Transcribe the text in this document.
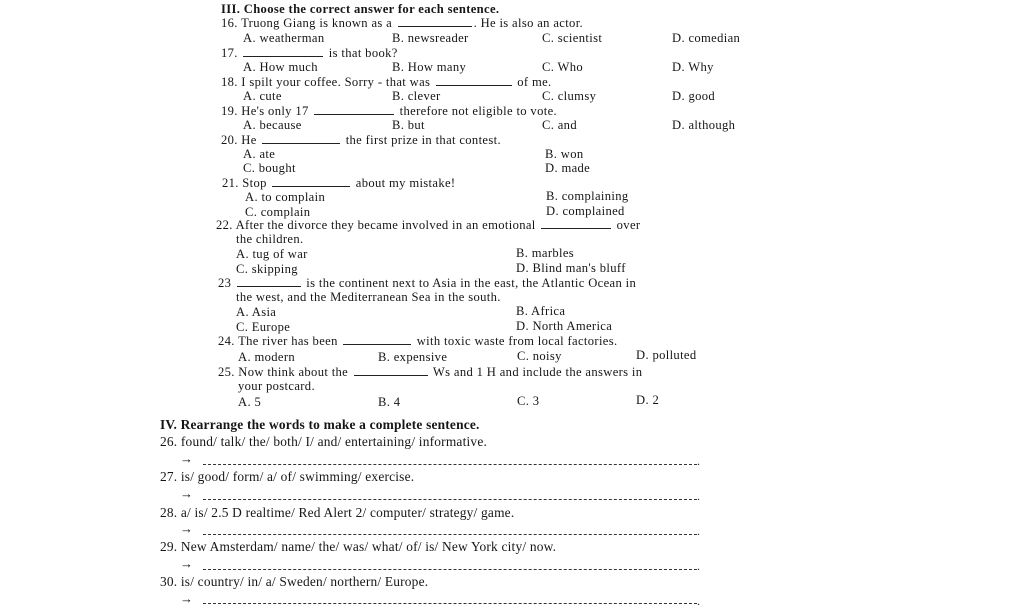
III. Choose the correct answer for each sentence.
16. Truong Giang is known as a	. He is also an actor.
A. weatherman	B. newsreader	C. scientist	D. comedian
17.	is that book?
A. How much	B. How many	C. Who	D. Why
18. I spilt your coffee. Sorry - that was	of me.
A. cute	B. clever	C. clumsy	D. good
19. He's only 17	therefore not eligible to vote.
A. because	B. but	C. and	D. although
20. He	the first prize in that contest.
A. ate	B. won
C. bought	D. made
21. Stop	about my mistake!
A. to complain	B. complaining
C. complain	D. complained
22. After the divorce they became involved in an emotional	over
the children.
A. tug of war	B. marbles
C. skipping	D. Blind man's bluff
23	is the continent next to Asia in the east, the Atlantic Ocean in
the west, and the Mediterranean Sea in the south.
A. Asia	B. Africa
C. Europe	D. North America
24. The river has been	with toxic waste from local factories.
A. modern	B. expensive	C. noisy	D. polluted
25. Now think about the	Ws and 1 H and include the answers in
your postcard.
A. 5	B. 4	C. 3	D. 2
IV. Rearrange the words to make a complete sentence.
26. found/ talk/ the/ both/ I/ and/ entertaining/ informative.
→	.
27. is/ good/ form/ a/ of/ swimming/ exercise.
→	.
28. a/ is/ 2.5 D realtime/ Red Alert 2/ computer/ strategy/ game.
→	.
29. New Amsterdam/ name/ the/ was/ what/ of/ is/ New York city/ now.
→	.
30. is/ country/ in/ a/ Sweden/ northern/ Europe.
→	.
